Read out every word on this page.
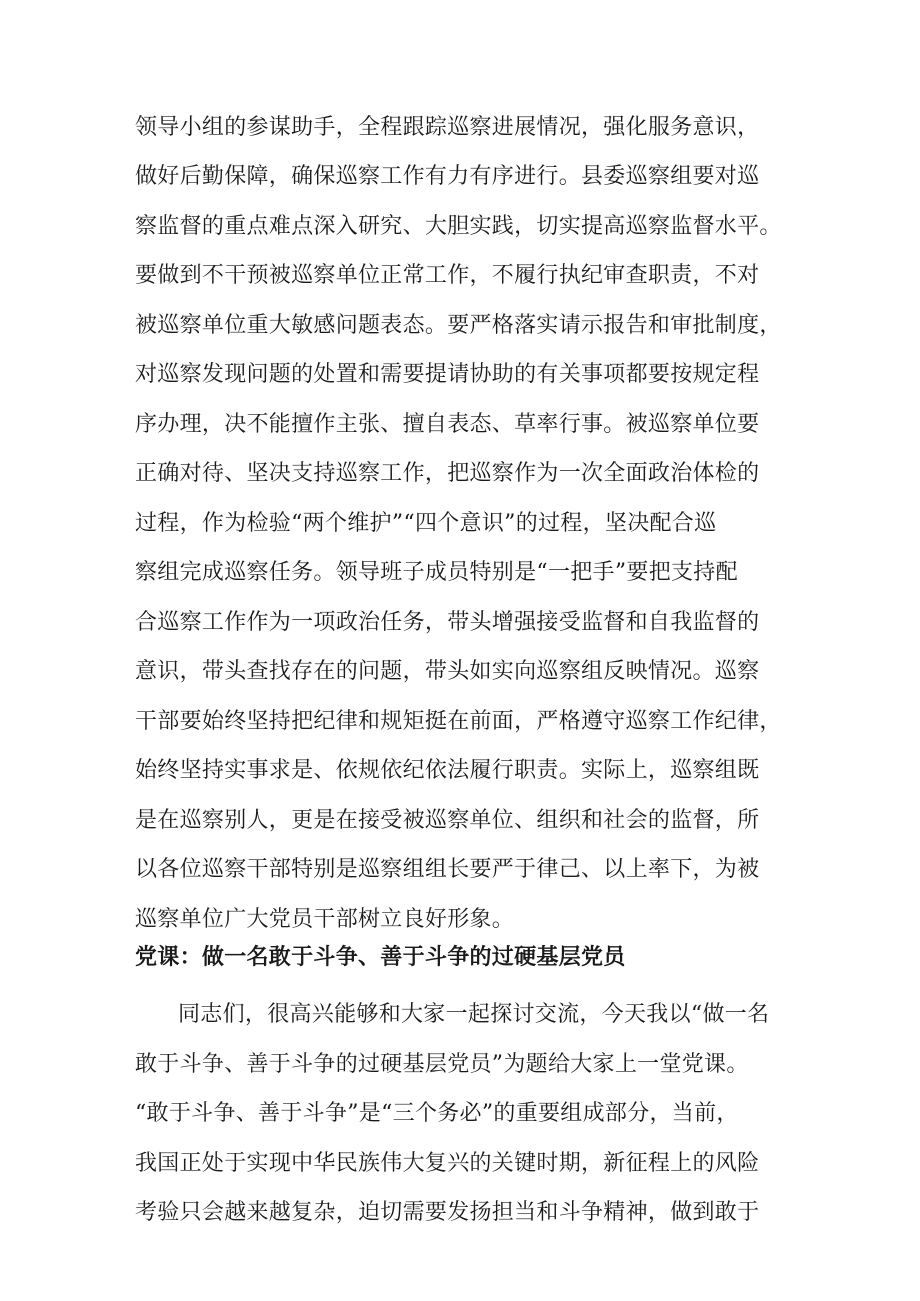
领导小组的参谋助手，全程跟踪巡察进展情况，强化服务意识，

做好后勤保障，确保巡察工作有力有序进行。县委巡察组要对巡

察监督的重点难点深入研究、大胆实践，切实提高巡察监督水平。

要做到不干预被巡察单位正常工作，不履行执纪审查职责，不对

被巡察单位重大敏感问题表态。要严格落实请示报告和审批制度，

对巡察发现问题的处置和需要提请协助的有关事项都要按规定程

序办理，决不能擅作主张、擅自表态、草率行事。被巡察单位要

正确对待、坚决支持巡察工作，把巡察作为一次全面政治体检的

过程，作为检验“两个维护”“四个意识”的过程，坚决配合巡

察组完成巡察任务。领导班子成员特别是“一把手”要把支持配

合巡察工作作为一项政治任务，带头增强接受监督和自我监督的

意识，带头查找存在的问题，带头如实向巡察组反映情况。巡察

干部要始终坚持把纪律和规矩挺在前面，严格遵守巡察工作纪律，

始终坚持实事求是、依规依纪依法履行职责。实际上，巡察组既

是在巡察别人，更是在接受被巡察单位、组织和社会的监督，所

以各位巡察干部特别是巡察组组长要严于律己、以上率下，为被

巡察单位广大党员干部树立良好形象。

党课：做一名敢于斗争、善于斗争的过硬基层党员

同志们，很高兴能够和大家一起探讨交流，今天我以“做一名

敢于斗争、善于斗争的过硬基层党员”为题给大家上一堂党课。

“敢于斗争、善于斗争”是“三个务必”的重要组成部分，当前，

我国正处于实现中华民族伟大复兴的关键时期，新征程上的风险

考验只会越来越复杂，迫切需要发扬担当和斗争精神，做到敢于
